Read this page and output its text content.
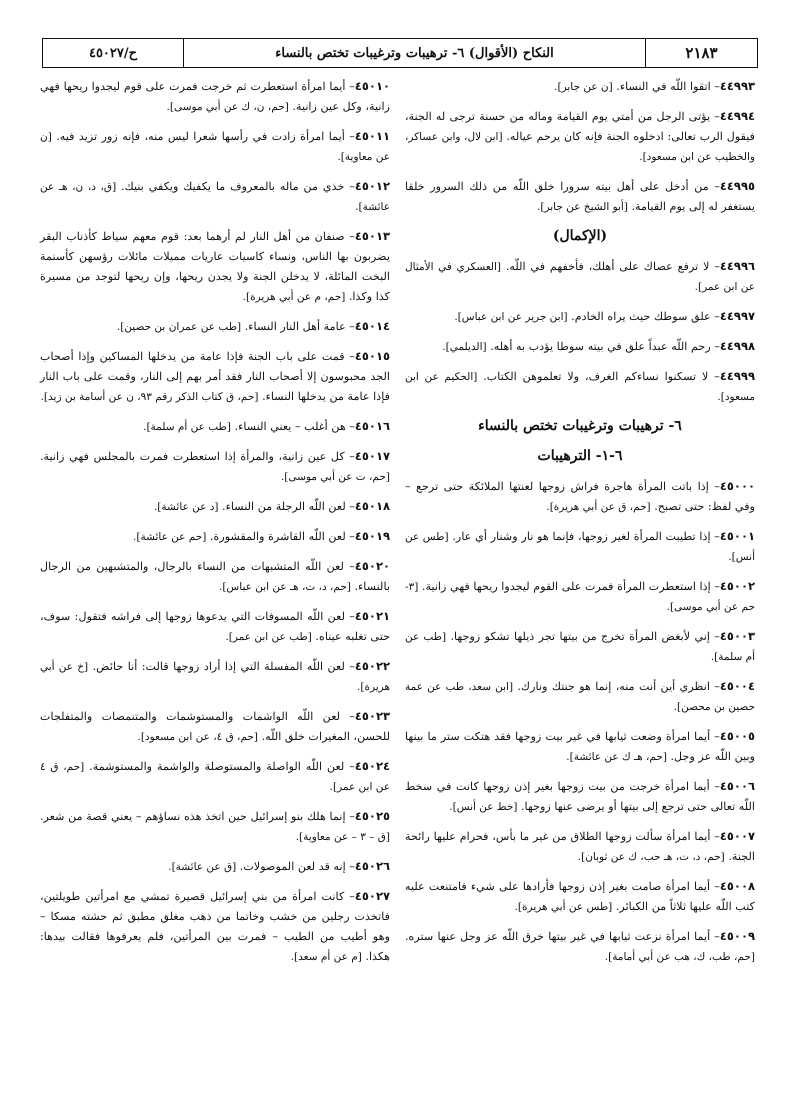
٢١٨٣
النكاح (الأقوال) ٦- ترهيبات وترغيبات تختص بالنساء
ح/٤٥٠٢٧
٤٤٩٩٣– اتقوا اللّه في النساء. [ن عن جابر].
٤٤٩٩٤– يؤتى الرجل من أمتي يوم القيامة وماله من حسنة ترجى له الجنة، فيقول الرب تعالى: ادخلوه الجنة فإنه كان يرحم عياله. [ابن لال، وابن عساكر، والخطيب عن ابن مسعود].
٤٤٩٩٥– من أدخل على أهل بيته سرورا خلق اللّه من ذلك السرور خلقا يستغفر له إلى يوم القيامة. [أبو الشيخ عن جابر].
(الإكمال)
٤٤٩٩٦– لا ترفع عصاك على أهلك، فأخفهم في اللّه. [العسكري في الأمثال عن ابن عمر].
٤٤٩٩٧– علق سوطك حيث يراه الخادم. [ابن جرير عن ابن عباس].
٤٤٩٩٨– رحم اللّه عبداً علق في بيته سوطا يؤدب به أهله. [الديلمي].
٤٤٩٩٩– لا تسكنوا نساءكم الغرف، ولا تعلموهن الكتاب. [الحكيم عن ابن مسعود].
٦- ترهيبات وترغيبات تختص بالنساء
٦-١- الترهيبات
٤٥٠٠٠– إذا باتت المرأة هاجرة فراش زوجها لعنتها الملائكة حتى ترجع – وفي لفظ: حتى تصبح. [حم، ق عن أبي هريرة].
٤٥٠٠١– إذا تطيبت المرأة لغير زوجها، فإنما هو نار وشنار أي عار. [طس عن أنس].
٤٥٠٠٢– إذا استعطرت المرأة فمرت على القوم ليجدوا ريحها فهي زانية. [٣- حم عن أبي موسى].
٤٥٠٠٣– إني لأبغض المرأة تخرج من بيتها تجر ذيلها تشكو زوجها. [طب عن أم سلمة].
٤٥٠٠٤– انظري أين أنت منه، إنما هو جنتك ونارك. [ابن سعد، طب عن عمة حصين بن محصن].
٤٥٠٠٥– أيما امرأة وضعت ثيابها في غير بيت زوجها فقد هتكت ستر ما بينها وبين اللّه عز وجل. [حم، هـ ك عن عائشة].
٤٥٠٠٦– أيما امرأة خرجت من بيت زوجها بغير إذن زوجها كانت في سخط اللّه تعالى حتى ترجع إلى بيتها أو يرضى عنها زوجها. [خط عن أنس].
٤٥٠٠٧– أيما امرأة سألت زوجها الطلاق من غير ما بأس، فحرام عليها رائحة الجنة. [حم، د، ت، هـ حب، ك عن ثوبان].
٤٥٠٠٨– أيما امرأة صامت بغير إذن زوجها فأرادها على شيء فامتنعت عليه كتب اللّه عليها ثلاثاً من الكبائر. [طس عن أبي هريرة].
٤٥٠٠٩– أيما امرأة نزعت ثيابها في غير بيتها خرق اللّه عز وجل عنها ستره. [حم، طب، ك، هب عن أبي أمامة].
٤٥٠١٠– أيما امرأة استعطرت ثم خرجت فمرت على قوم ليجدوا ريحها فهي زانية، وكل عين زانية. [حم، ن، ك عن أبي موسى].
٤٥٠١١– أيما امرأة زادت في رأسها شعرا ليس منه، فإنه زور تزيد فيه. [ن عن معاوية].
٤٥٠١٢– خذي من ماله بالمعروف ما يكفيك ويكفي بنيك. [ق، د، ن، هـ عن عائشة].
٤٥٠١٣– صنفان من أهل النار لم أرهما بعد: قوم معهم سياط كأذناب البقر يضربون بها الناس، ونساء كاسيات عاريات مميلات مائلات رؤسهن كأسنمة البخت المائلة، لا يدخلن الجنة ولا يجدن ريحها، وإن ريحها لتوجد من مسيرة كذا وكذا. [حم، م عن أبي هريرة].
٤٥٠١٤– عامة أهل النار النساء. [طب عن عمران بن حصين].
٤٥٠١٥– قمت على باب الجنة فإذا عامة من يدخلها المساكين وإذا أصحاب الجد محبوسون إلا أصحاب النار فقد أمر بهم إلى النار، وقمت على باب النار فإذا عامة من يدخلها النساء. [حم، ق كتاب الذكر رقم ٩٣، ن عن أسامة بن زيد].
٤٥٠١٦– هن أغلب – يعني النساء. [طب عن أم سلمة].
٤٥٠١٧– كل عين زانية، والمرأة إذا استعطرت فمرت بالمجلس فهي زانية. [حم، ت عن أبي موسى].
٤٥٠١٨– لعن اللّه الرجلة من النساء. [د عن عائشة].
٤٥٠١٩– لعن اللّه القاشرة والمقشورة. [حم عن عائشة].
٤٥٠٢٠– لعن اللّه المتشبهات من النساء بالرجال، والمتشبهين من الرجال بالنساء. [حم، د، ت، هـ عن ابن عباس].
٤٥٠٢١– لعن اللّه المسوفات التي يدعوها زوجها إلى فراشه فتقول: سوف، حتى تغلبه عيناه. [طب عن ابن عمر].
٤٥٠٢٢– لعن اللّه المفسلة التي إذا أراد زوجها قالت: أنا حائض. [خ عن أبي هريرة].
٤٥٠٢٣– لعن اللّه الواشمات والمستوشمات والمتنمصات والمتفلجات للحسن، المغيرات خلق اللّه. [حم، ق ٤، عن ابن مسعود].
٤٥٠٢٤– لعن اللّه الواصلة والمستوصلة والواشمة والمستوشمة. [حم، ق ٤ عن ابن عمر].
٤٥٠٢٥– إنما هلك بنو إسرائيل حين اتخذ هذه نساؤهم – يعني قصة من شعر. [ق – ٣ – عن معاوية].
٤٥٠٢٦– إنه قد لعن الموصولات. [ق عن عائشة].
٤٥٠٢٧– كانت امرأة من بني إسرائيل قصيرة تمشي مع امرأتين طويلتين، فاتخذت رجلين من خشب وخاتما من ذهب مغلق مطبق ثم حشته مسكا – وهو أطيب من الطيب – فمرت بين المرأتين، فلم يعرفوها فقالت بيدها: هكذا. [م عن أم سعد].
